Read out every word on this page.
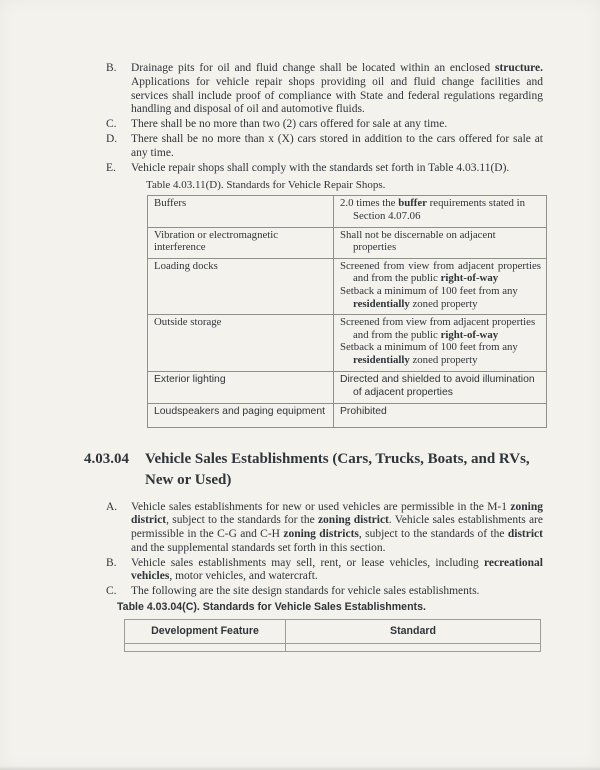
B.	Drainage pits for oil and fluid change shall be located within an enclosed structure. Applications for vehicle repair shops providing oil and fluid change facilities and services shall include proof of compliance with State and federal regulations regarding handling and disposal of oil and automotive fluids.
C.	There shall be no more than two (2) cars offered for sale at any time.
D.	There shall be no more than x (X) cars stored in addition to the cars offered for sale at any time.
E.	Vehicle repair shops shall comply with the standards set forth in Table 4.03.11(D).
Table 4.03.11(D). Standards for Vehicle Repair Shops.
Buffers	2.0 times the buffer requirements stated in Section 4.07.06

Vibration or electromagnetic interference	Shall not be discernable on adjacent properties

Loading docks	Screened from view from adjacent properties and from the public right-of-way
Setback a minimum of 100 feet from any residentially zoned property

Outside storage	Screened from view from adjacent properties and from the public right-of-way
Setback a minimum of 100 feet from any residentially zoned property

Exterior lighting	Directed and shielded to avoid illumination of adjacent properties

Loudspeakers and paging equipment	Prohibited
4.03.04	Vehicle Sales Establishments (Cars, Trucks, Boats, and RVs, New or Used)
A.	Vehicle sales establishments for new or used vehicles are permissible in the M-1 zoning district, subject to the standards for the zoning district. Vehicle sales establishments are permissible in the C-G and C-H zoning districts, subject to the standards of the district and the supplemental standards set forth in this section.
B.	Vehicle sales establishments may sell, rent, or lease vehicles, including recreational vehicles, motor vehicles, and watercraft.
C.	The following are the site design standards for vehicle sales establishments.
Table 4.03.04(C). Standards for Vehicle Sales Establishments.
Development Feature	Standard
